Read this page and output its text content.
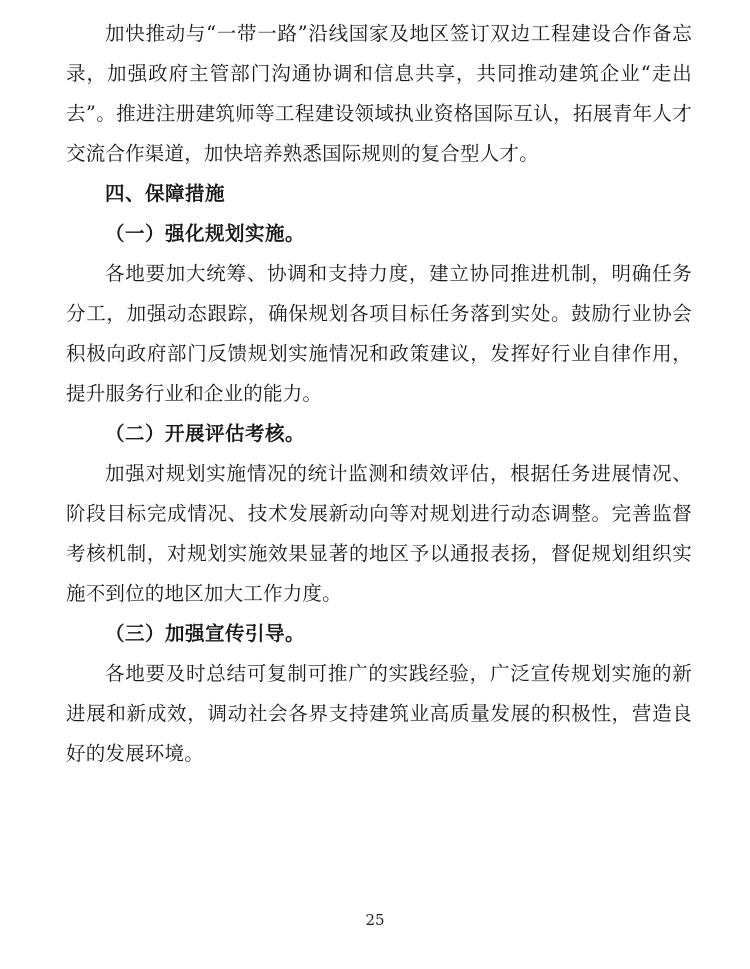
加快推动与“一带一路”沿线国家及地区签订双边工程建设合作备忘录，加强政府主管部门沟通协调和信息共享，共同推动建筑企业“走出去”。推进注册建筑师等工程建设领域执业资格国际互认，拓展青年人才交流合作渠道，加快培养熟悉国际规则的复合型人才。

四、保障措施

（一）强化规划实施。

各地要加大统筹、协调和支持力度，建立协同推进机制，明确任务分工，加强动态跟踪，确保规划各项目标任务落到实处。鼓励行业协会积极向政府部门反馈规划实施情况和政策建议，发挥好行业自律作用，提升服务行业和企业的能力。

（二）开展评估考核。

加强对规划实施情况的统计监测和绩效评估，根据任务进展情况、阶段目标完成情况、技术发展新动向等对规划进行动态调整。完善监督考核机制，对规划实施效果显著的地区予以通报表扬，督促规划组织实施不到位的地区加大工作力度。

（三）加强宣传引导。

各地要及时总结可复制可推广的实践经验，广泛宣传规划实施的新进展和新成效，调动社会各界支持建筑业高质量发展的积极性，营造良好的发展环境。

25
